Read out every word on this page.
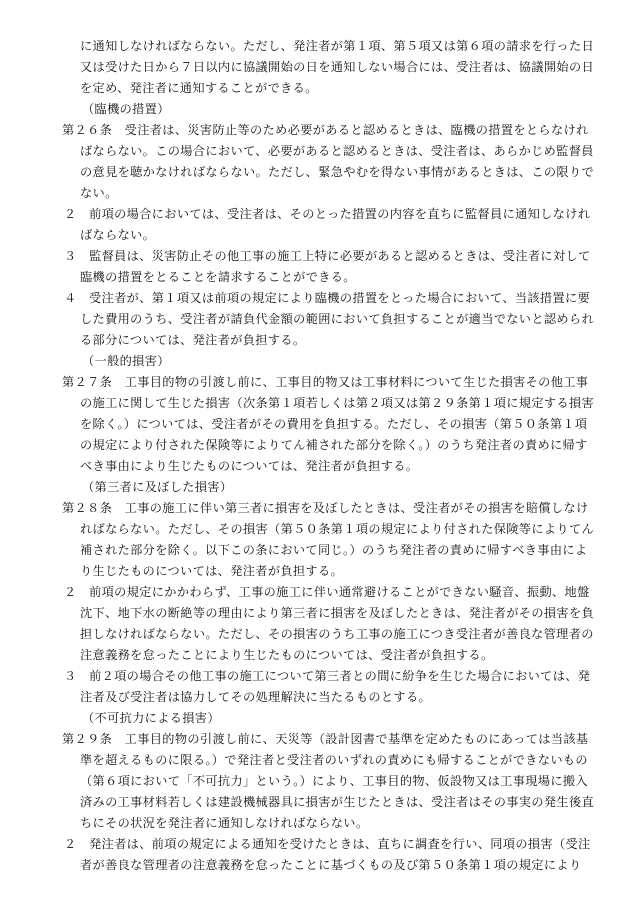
に通知しなければならない。ただし、発注者が第１項、第５項又は第６項の請求を行った日
又は受けた日から７日以内に協議開始の日を通知しない場合には、受注者は、協議開始の日
を定め、発注者に通知することができる。
（臨機の措置）
第２６条　受注者は、災害防止等のため必要があると認めるときは、臨機の措置をとらなけれ
ばならない。この場合において、必要があると認めるときは、受注者は、あらかじめ監督員
の意見を聴かなければならない。ただし、緊急やむを得ない事情があるときは、この限りで
ない。
２　前項の場合においては、受注者は、そのとった措置の内容を直ちに監督員に通知しなけれ
ばならない。
３　監督員は、災害防止その他工事の施工上特に必要があると認めるときは、受注者に対して
臨機の措置をとることを請求することができる。
４　受注者が、第１項又は前項の規定により臨機の措置をとった場合において、当該措置に要
した費用のうち、受注者が請負代金額の範囲において負担することが適当でないと認められ
る部分については、発注者が負担する。
（一般的損害）
第２７条　工事目的物の引渡し前に、工事目的物又は工事材料について生じた損害その他工事
の施工に関して生じた損害（次条第１項若しくは第２項又は第２９条第１項に規定する損害
を除く。）については、受注者がその費用を負担する。ただし、その損害（第５０条第１項
の規定により付された保険等によりてん補された部分を除く。）のうち発注者の責めに帰す
べき事由により生じたものについては、発注者が負担する。
（第三者に及ぼした損害）
第２８条　工事の施工に伴い第三者に損害を及ぼしたときは、受注者がその損害を賠償しなけ
ればならない。ただし、その損害（第５０条第１項の規定により付された保険等によりてん
補された部分を除く。以下この条において同じ。）のうち発注者の責めに帰すべき事由によ
り生じたものについては、発注者が負担する。
２　前項の規定にかかわらず、工事の施工に伴い通常避けることができない騒音、振動、地盤
沈下、地下水の断絶等の理由により第三者に損害を及ぼしたときは、発注者がその損害を負
担しなければならない。ただし、その損害のうち工事の施工につき受注者が善良な管理者の
注意義務を怠ったことにより生じたものについては、受注者が負担する。
３　前２項の場合その他工事の施工について第三者との間に紛争を生じた場合においては、発
注者及び受注者は協力してその処理解決に当たるものとする。
（不可抗力による損害）
第２９条　工事目的物の引渡し前に、天災等（設計図書で基準を定めたものにあっては当該基
準を超えるものに限る。）で発注者と受注者のいずれの責めにも帰することができないもの
（第６項において「不可抗力」という。）により、工事目的物、仮設物又は工事現場に搬入
済みの工事材料若しくは建設機械器具に損害が生じたときは、受注者はその事実の発生後直
ちにその状況を発注者に通知しなければならない。
２　発注者は、前項の規定による通知を受けたときは、直ちに調査を行い、同項の損害（受注
者が善良な管理者の注意義務を怠ったことに基づくもの及び第５０条第１項の規定により
